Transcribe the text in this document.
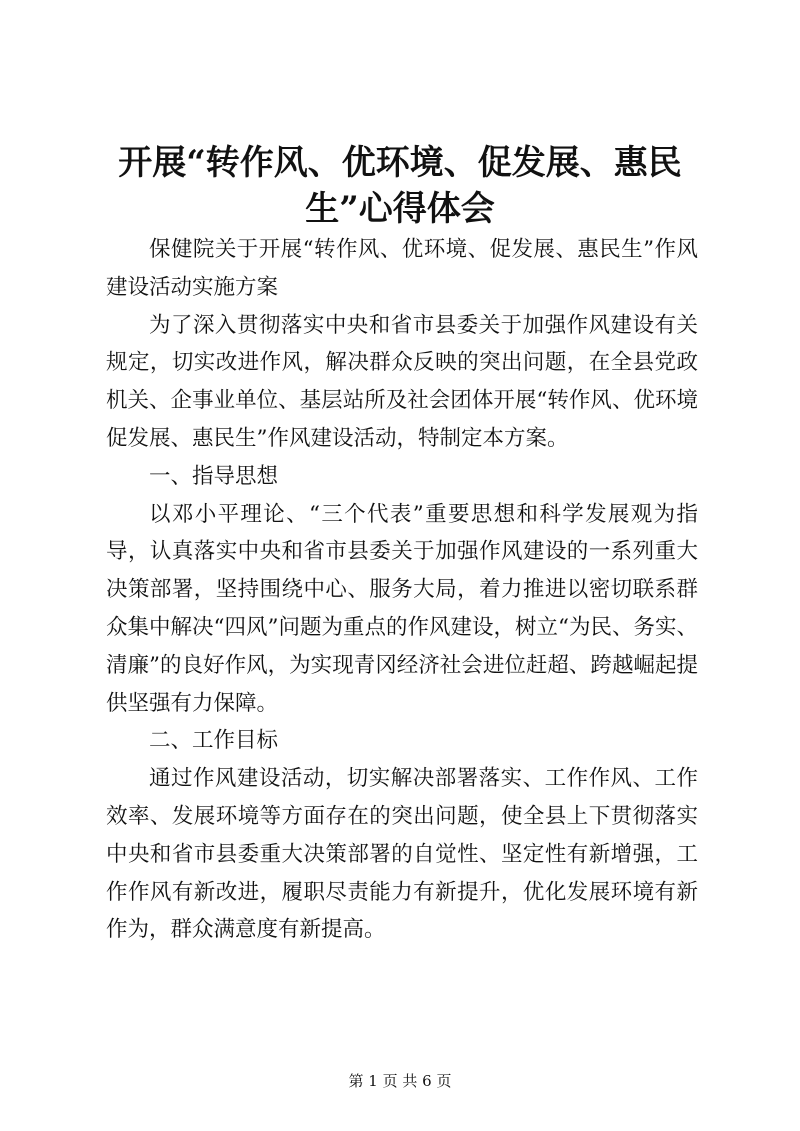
开展“转作风、优环境、促发展、惠民生”心得体会

保健院关于开展“转作风、优环境、促发展、惠民生”作风建设活动实施方案

为了深入贯彻落实中央和省市县委关于加强作风建设有关规定，切实改进作风，解决群众反映的突出问题，在全县党政机关、企事业单位、基层站所及社会团体开展“转作风、优环境促发展、惠民生”作风建设活动，特制定本方案。

一、指导思想

以邓小平理论、“三个代表”重要思想和科学发展观为指导，认真落实中央和省市县委关于加强作风建设的一系列重大决策部署，坚持围绕中心、服务大局，着力推进以密切联系群众集中解决“四风”问题为重点的作风建设，树立“为民、务实、清廉”的良好作风，为实现青冈经济社会进位赶超、跨越崛起提供坚强有力保障。

二、工作目标

通过作风建设活动，切实解决部署落实、工作作风、工作效率、发展环境等方面存在的突出问题，使全县上下贯彻落实中央和省市县委重大决策部署的自觉性、坚定性有新增强，工作作风有新改进，履职尽责能力有新提升，优化发展环境有新作为，群众满意度有新提高。

第 1 页 共 6 页
